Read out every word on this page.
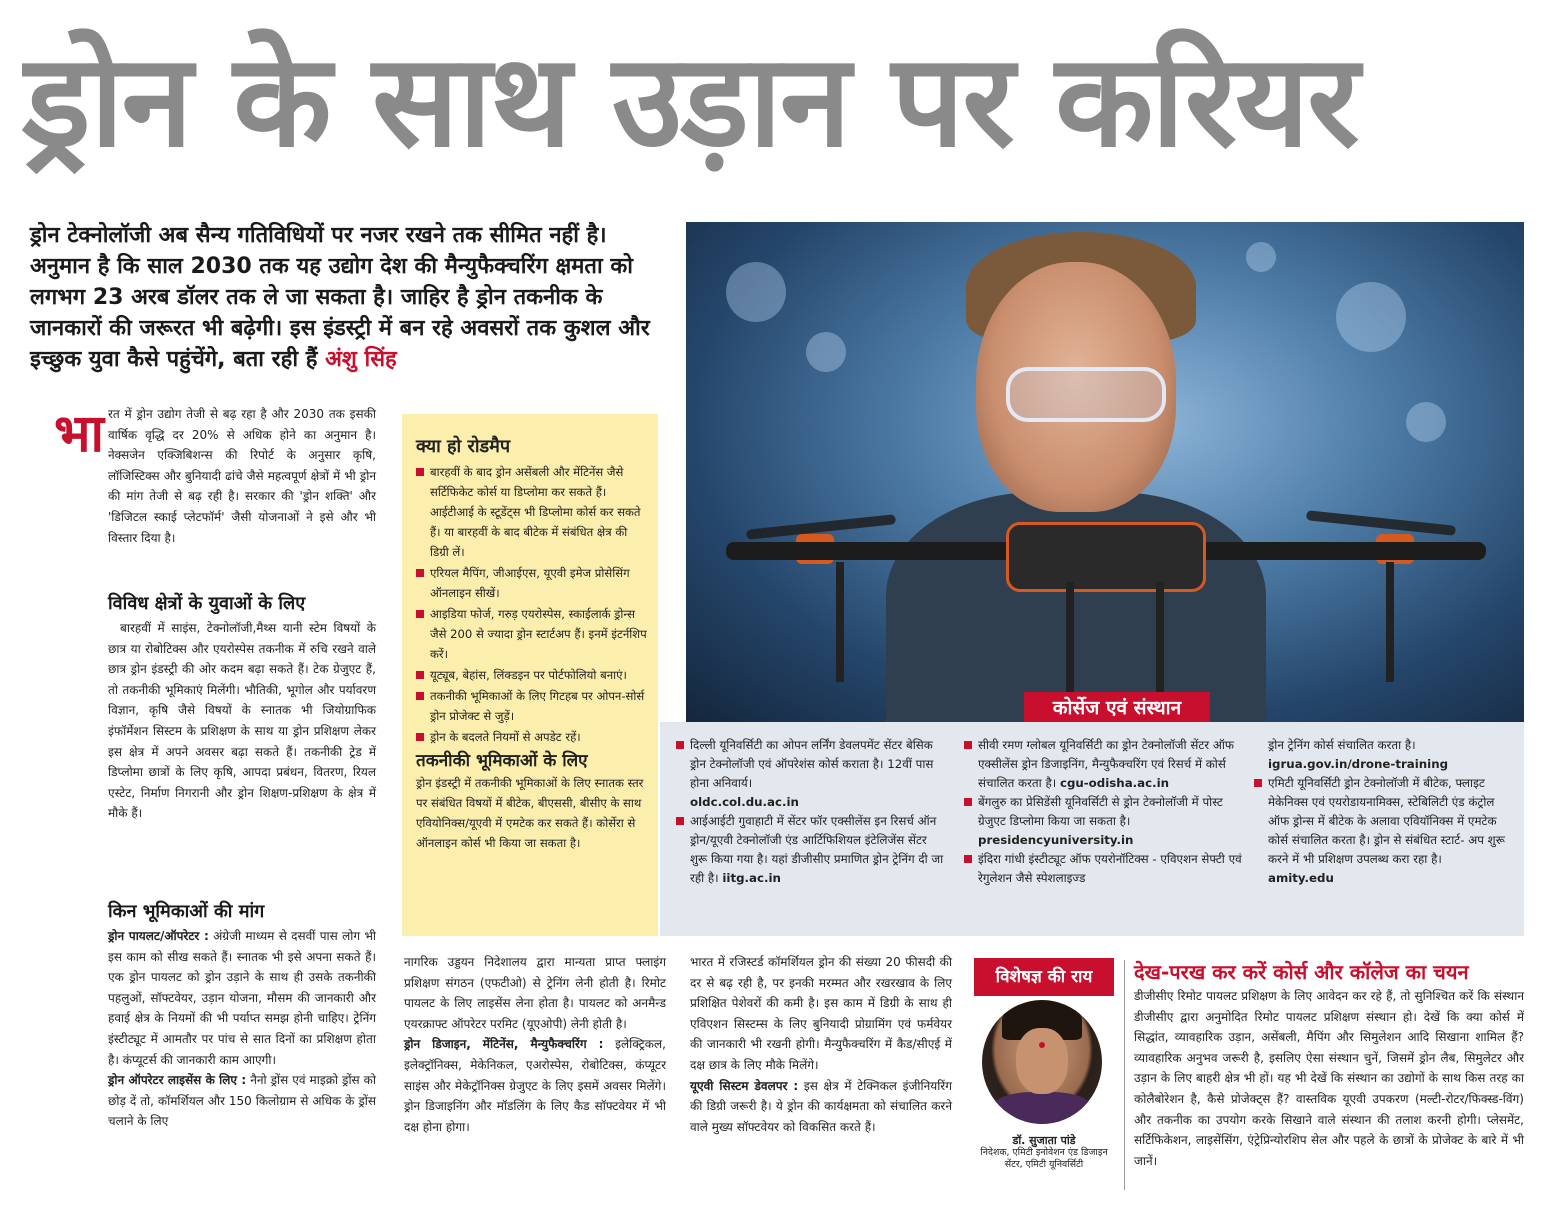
ड्रोन के साथ उड़ान पर करियर
ड्रोन टेक्नोलॉजी अब सैन्य गतिविधियों पर नजर रखने तक सीमित नहीं है। अनुमान है कि साल 2030 तक यह उद्योग देश की मैन्युफैक्चरिंग क्षमता को लगभग 23 अरब डॉलर तक ले जा सकता है। जाहिर है ड्रोन तकनीक के जानकारों की जरूरत भी बढ़ेगी। इस इंडस्ट्री में बन रहे अवसरों तक कुशल और इच्छुक युवा कैसे पहुंचेंगे, बता रही हैं अंशु सिंह
कोर्सेज एवं संस्थान
भा रत में ड्रोन उद्योग तेजी से बढ़ रहा है और 2030 तक इसकी वार्षिक वृद्धि दर 20% से अधिक होने का अनुमान है। नेक्सजेन एक्जिबिशन्स की रिपोर्ट के अनुसार कृषि, लॉजिस्टिक्स और बुनियादी ढांचे जैसे महत्वपूर्ण क्षेत्रों में भी ड्रोन की मांग तेजी से बढ़ रही है। सरकार की 'ड्रोन शक्ति' और 'डिजिटल स्काई प्लेटफॉर्म' जैसी योजनाओं ने इसे और भी विस्तार दिया है।

विविध क्षेत्रों के युवाओं के लिए

बारहवीं में साइंस, टेक्नोलॉजी,मैथ्स यानी स्टेम विषयों के छात्र या रोबोटिक्स और एयरोस्पेस तकनीक में रुचि रखने वाले छात्र ड्रोन इंडस्ट्री की ओर कदम बढ़ा सकते हैं। टेक ग्रेजुएट हैं, तो तकनीकी भूमिकाएं मिलेंगी। भौतिकी, भूगोल और पर्यावरण विज्ञान, कृषि जैसे विषयों के स्नातक भी जियोग्राफिक इंफॉर्मेशन सिस्टम के प्रशिक्षण के साथ या ड्रोन प्रशिक्षण लेकर इस क्षेत्र में अपने अवसर बढ़ा सकते हैं। तकनीकी ट्रेड में डिप्लोमा छात्रों के लिए कृषि, आपदा प्रबंधन, वितरण, रियल एस्टेट, निर्माण निगरानी और ड्रोन शिक्षण-प्रशिक्षण के क्षेत्र में मौके हैं।

किन भूमिकाओं की मांग

ड्रोन पायलट/ऑपरेटर : अंग्रेजी माध्यम से दसवीं पास लोग भी इस काम को सीख सकते हैं। स्नातक भी इसे अपना सकते हैं। एक ड्रोन पायलट को ड्रोन उड़ाने के साथ ही उसके तकनीकी पहलुओं, सॉफ्टवेयर, उड़ान योजना, मौसम की जानकारी और हवाई क्षेत्र के नियमों की भी पर्याप्त समझ होनी चाहिए। ट्रेनिंग इंस्टीट्यूट में आमतौर पर पांच से सात दिनों का प्रशिक्षण होता है। कंप्यूटर्स की जानकारी काम आएगी।

ड्रोन ऑपरेटर लाइसेंस के लिए : नैनो ड्रोंस एवं माइक्रो ड्रोंस को छोड़ दें तो, कॉमर्शियल और 150 किलोग्राम से अधिक के ड्रोंस चलाने के लिए

क्या हो रोडमैप
बारहवीं के बाद ड्रोन असेंबली और मेंटिनेंस जैसे सर्टिफिकेट कोर्स या डिप्लोमा कर सकते हैं। आईटीआई के स्टूडेंट्स भी डिप्लोमा कोर्स कर सकते हैं। या बारहवीं के बाद बीटेक में संबंधित क्षेत्र की डिग्री लें।
एरियल मैपिंग, जीआईएस, यूएवी इमेज प्रोसेसिंग ऑनलाइन सीखें।
आइडिया फोर्ज, गरुड़ एयरोस्पेस, स्काईलार्क ड्रोन्स जैसे 200 से ज्यादा ड्रोन स्टार्टअप हैं। इनमें इंटर्नशिप करें।
यूट्यूब, बेहांस, लिंक्डइन पर पोर्टफोलियो बनाएं।
तकनीकी भूमिकाओं के लिए गिटहब पर ओपन-सोर्स ड्रोन प्रोजेक्ट से जुड़ें।
ड्रोन के बदलते नियमों से अपडेट रहें।
तकनीकी भूमिकाओं के लिए

ड्रोन इंडस्ट्री में तकनीकी भूमिकाओं के लिए स्नातक स्तर पर संबंधित विषयों में बीटेक, बीएससी, बीसीए के साथ एवियोनिक्स/यूएवी में एमटेक कर सकते हैं। कोर्सेरा से ऑनलाइन कोर्स भी किया जा सकता है।

दिल्ली यूनिवर्सिटी का ओपन लर्निंग डेवलपमेंट सेंटर बेसिक ड्रोन टेक्नोलॉजी एवं ऑपरेशंस कोर्स कराता है। 12वीं पास होना अनिवार्य।
oldc.col.du.ac.in
आईआईटी गुवाहाटी में सेंटर फॉर एक्सीलेंस इन रिसर्च ऑन ड्रोन/यूएवी टेक्नोलॉजी एंड आर्टिफिशियल इंटेलिजेंस सेंटर शुरू किया गया है। यहां डीजीसीए प्रमाणित ड्रोन ट्रेनिंग दी जा रही है। iitg.ac.in
सीवी रमण ग्लोबल यूनिवर्सिटी का ड्रोन टेक्नोलॉजी सेंटर ऑफ एक्सीलेंस ड्रोन डिजाइनिंग, मैन्युफैक्चरिंग एवं रिसर्च में कोर्स संचालित करता है। cgu-odisha.ac.in
बेंगलुरु का प्रेसिडेंसी यूनिवर्सिटी से ड्रोन टेक्नोलॉजी में पोस्ट ग्रेजुएट डिप्लोमा किया जा सकता है। presidencyuniversity.in
इंदिरा गांधी इंस्टीट्यूट ऑफ एयरोनॉटिक्स - एविएशन सेफ्टी एवं रेगुलेशन जैसे स्पेशलाइज्ड
ड्रोन ट्रेनिंग कोर्स संचालित करता है।
igrua.gov.in/drone-training
एमिटी यूनिवर्सिटी ड्रोन टेक्नोलॉजी में बीटेक, फ्लाइट मेकेनिक्स एवं एयरोडायनामिक्स, स्टेबिलिटी एंड कंट्रोल ऑफ ड्रोन्स में बीटेक के अलावा एवियॉनिक्स में एमटेक कोर्स संचालित करता है। ड्रोन से संबंधित स्टार्ट- अप शुरू करने में भी प्रशिक्षण उपलब्ध करा रहा है।
amity.edu

नागरिक उड्डयन निदेशालय द्वारा मान्यता प्राप्त फ्लाइंग प्रशिक्षण संगठन (एफटीओ) से ट्रेनिंग लेनी होती है। रिमोट पायलट के लिए लाइसेंस लेना होता है। पायलट को अनमैन्ड एयरक्राफ्ट ऑपरेटर परमिट (यूएओपी) लेनी होती है।

ड्रोन डिजाइन, मेंटिनेंस, मैन्युफैक्चरिंग : इलेक्ट्रिकल, इलेक्ट्रॉनिक्स, मेकेनिकल, एअरोस्पेस, रोबोटिक्स, कंप्यूटर साइंस और मेकेट्रॉनिक्स ग्रेजुएट के लिए इसमें अवसर मिलेंगे। ड्रोन डिजाइनिंग और मॉडलिंग के लिए कैड सॉफ्टवेयर में भी दक्ष होना होगा।

भारत में रजिस्टर्ड कॉमर्शियल ड्रोन की संख्या 20 फीसदी की दर से बढ़ रही है, पर इनकी मरम्मत और रखरखाव के लिए प्रशिक्षित पेशेवरों की कमी है। इस काम में डिग्री के साथ ही एविएशन सिस्टम्स के लिए बुनियादी प्रोग्रामिंग एवं फर्मवेयर की जानकारी भी रखनी होगी। मैन्युफैक्चरिंग में कैड/सीएई में दक्ष छात्र के लिए मौके मिलेंगे।

यूएवी सिस्टम डेवलपर : इस क्षेत्र में टेक्निकल इंजीनियरिंग की डिग्री जरूरी है। ये ड्रोन की कार्यक्षमता को संचालित करने वाले मुख्य सॉफ्टवेयर को विकसित करते हैं।

विशेषज्ञ की राय
डॉ. सुजाता पांडे
निदेशक, एमिटी इनोवेशन एंड डिजाइन सेंटर, एमिटी यूनिवर्सिटी
देख-परख कर करें कोर्स और कॉलेज का चयन

डीजीसीए रिमोट पायलट प्रशिक्षण के लिए आवेदन कर रहे हैं, तो सुनिश्चित करें कि संस्थान डीजीसीए द्वारा अनुमोदित रिमोट पायलट प्रशिक्षण संस्थान हो। देखें कि क्या कोर्स में सिद्धांत, व्यावहारिक उड़ान, असेंबली, मैपिंग और सिमुलेशन आदि सिखाना शामिल हैं? व्यावहारिक अनुभव जरूरी है, इसलिए ऐसा संस्थान चुनें, जिसमें ड्रोन लैब, सिमुलेटर और उड़ान के लिए बाहरी क्षेत्र भी हों। यह भी देखें कि संस्थान का उद्योगों के साथ किस तरह का कोलैबोरेशन है, कैसे प्रोजेक्ट्स हैं? वास्तविक यूएवी उपकरण (मल्टी-रोटर/फिक्स्ड-विंग) और तकनीक का उपयोग करके सिखाने वाले संस्थान की तलाश करनी होगी। प्लेसमेंट, सर्टिफिकेशन, लाइसेंसिंग, एंट्रेप्रिन्योरशिप सेल और पहले के छात्रों के प्रोजेक्ट के बारे में भी जानें।
